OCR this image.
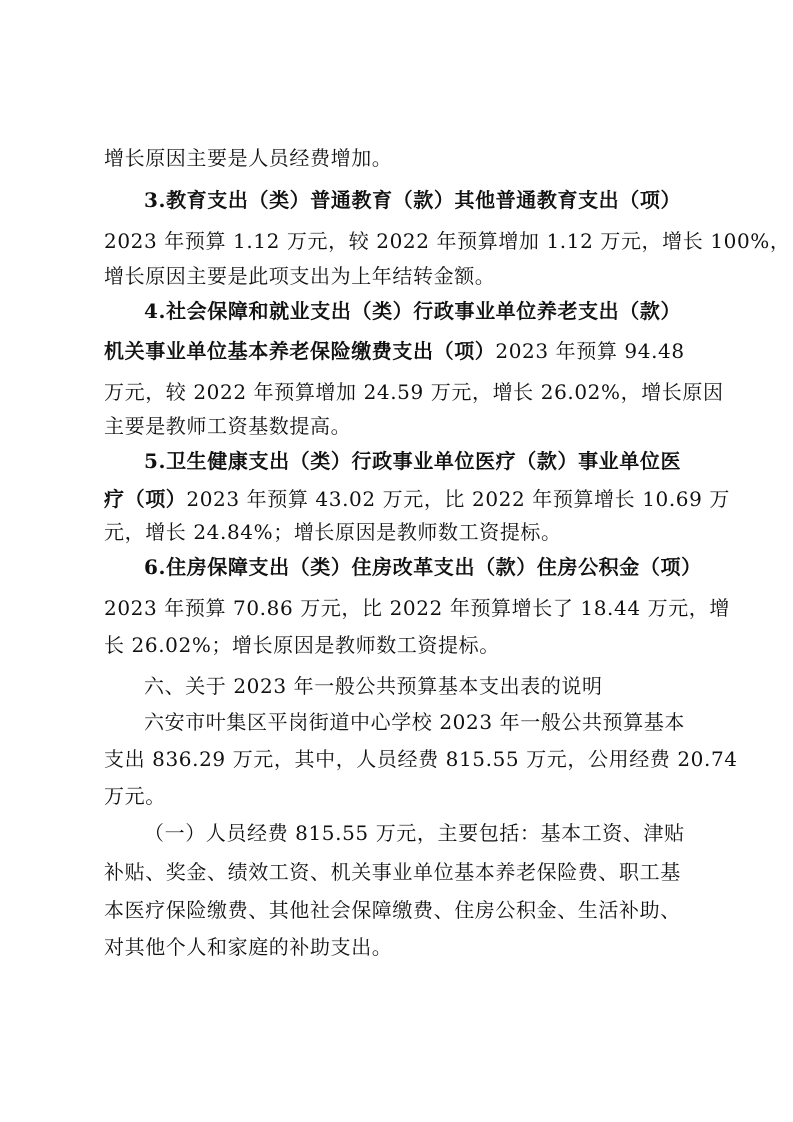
增长原因主要是人员经费增加。
3.教育支出（类）普通教育（款）其他普通教育支出（项）
2023 年预算 1.12 万元，较 2022 年预算增加 1.12 万元，增长 100%，
增长原因主要是此项支出为上年结转金额。
4.社会保障和就业支出（类）行政事业单位养老支出（款）
机关事业单位基本养老保险缴费支出（项）2023 年预算 94.48
万元，较 2022 年预算增加 24.59 万元，增长 26.02%，增长原因
主要是教师工资基数提高。
5.卫生健康支出（类）行政事业单位医疗（款）事业单位医
疗（项）2023 年预算 43.02 万元，比 2022 年预算增长 10.69 万
元，增长 24.84%；增长原因是教师数工资提标。
6.住房保障支出（类）住房改革支出（款）住房公积金（项）
2023 年预算 70.86 万元，比 2022 年预算增长了 18.44 万元，增
长 26.02%；增长原因是教师数工资提标。
六、关于 2023 年一般公共预算基本支出表的说明
六安市叶集区平岗街道中心学校 2023 年一般公共预算基本
支出 836.29 万元，其中，人员经费 815.55 万元，公用经费 20.74
万元。
（一）人员经费 815.55 万元，主要包括：基本工资、津贴
补贴、奖金、绩效工资、机关事业单位基本养老保险费、职工基
本医疗保险缴费、其他社会保障缴费、住房公积金、生活补助、
对其他个人和家庭的补助支出。
